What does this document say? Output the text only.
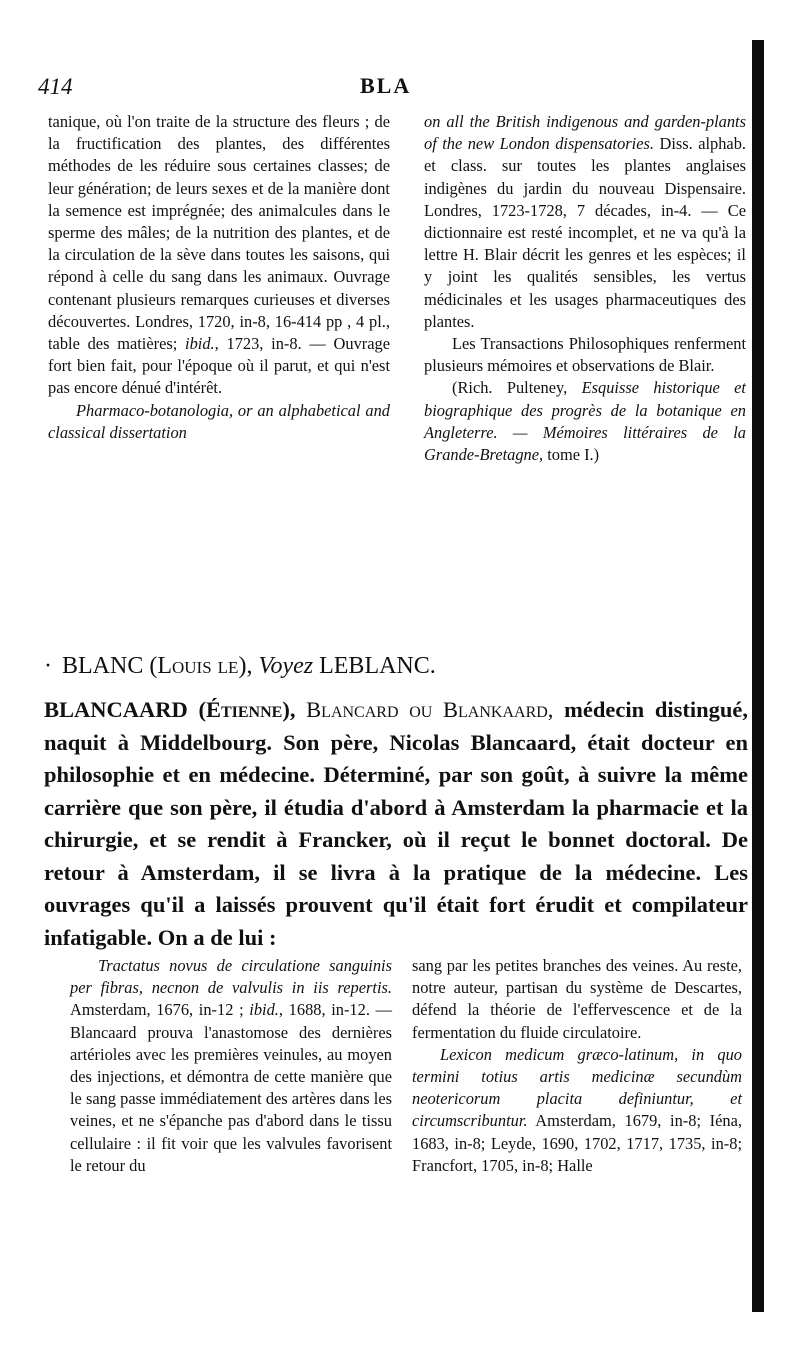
414	BLA

tanique, où l'on traite de la structure des fleurs ; de la fructification des plantes, des différentes méthodes de les réduire sous certaines classes; de leur génération; de leurs sexes et de la manière dont la semence est imprégnée; des animalcules dans le sperme des mâles; de la nutrition des plantes, et de la circulation de la sève dans toutes les saisons, qui répond à celle du sang dans les animaux. Ouvrage contenant plusieurs remarques curieuses et diverses découvertes. Londres, 1720, in-8, 16-414 pp , 4 pl., table des matières; ibid., 1723, in-8. — Ouvrage fort bien fait, pour l'époque où il parut, et qui n'est pas encore dénué d'intérêt.

Pharmaco-botanologia, or an alphabetical and classical dissertation

on all the British indigenous and garden-plants of the new London dispensatories. Diss. alphab. et class. sur toutes les plantes anglaises indigènes du jardin du nouveau Dispensaire. Londres, 1723-1728, 7 décades, in-4. — Ce dictionnaire est resté incomplet, et ne va qu'à la lettre H. Blair décrit les genres et les espèces; il y joint les qualités sensibles, les vertus médicinales et les usages pharmaceutiques des plantes.

Les Transactions Philosophiques renferment plusieurs mémoires et observations de Blair.

(Rich. Pulteney, Esquisse historique et biographique des progrès de la botanique en Angleterre. — Mémoires littéraires de la Grande-Bretagne, tome I.)

· BLANC (Louis le), Voyez LEBLANC.

BLANCAARD (Étienne), Blancard ou Blankaard, médecin distingué, naquit à Middelbourg. Son père, Nicolas Blancaard, était docteur en philosophie et en médecine. Déterminé, par son goût, à suivre la même carrière que son père, il étudia d'abord à Amsterdam la pharmacie et la chirurgie, et se rendit à Francker, où il reçut le bonnet doctoral. De retour à Amsterdam, il se livra à la pratique de la médecine. Les ouvrages qu'il a laissés prouvent qu'il était fort érudit et compilateur infatigable. On a de lui :

Tractatus novus de circulatione sanguinis per fibras, necnon de valvulis in iis repertis. Amsterdam, 1676, in-12 ; ibid., 1688, in-12. — Blancaard prouva l'anastomose des dernières artérioles avec les premières veinules, au moyen des injections, et démontra de cette manière que le sang passe immédiatement des artères dans les veines, et ne s'épanche pas d'abord dans le tissu cellulaire : il fit voir que les valvules favorisent le retour du

sang par les petites branches des veines. Au reste, notre auteur, partisan du système de Descartes, défend la théorie de l'effervescence et de la fermentation du fluide circulatoire.

Lexicon medicum græco-latinum, in quo termini totius artis medicinæ secundùm neotericorum placita definiuntur, et circumscribuntur. Amsterdam, 1679, in-8; Iéna, 1683, in-8; Leyde, 1690, 1702, 1717, 1735, in-8; Francfort, 1705, in-8; Halle
